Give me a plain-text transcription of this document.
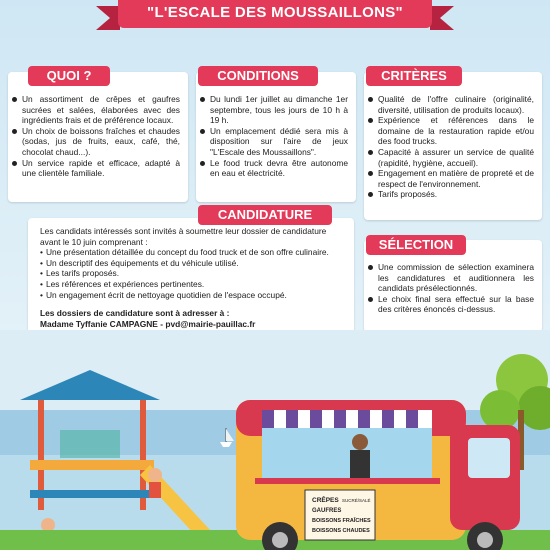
"L'ESCALE DES MOUSSAILLONS"
Un assortiment de crêpes et gaufres sucrées et salées, élaborées avec des ingrédients frais et de préférence locaux.
Un choix de boissons fraîches et chaudes (sodas, jus de fruits, eaux, café, thé, chocolat chaud...).
Un service rapide et efficace, adapté à une clientèle familiale.
QUOI ?
Du lundi 1er juillet au dimanche 1er septembre, tous les jours de 10 h à 19 h.
Un emplacement dédié sera mis à disposition sur l'aire de jeux "L'Escale des Moussaillons".
Le food truck devra être autonome en eau et électricité.
CONDITIONS
Qualité de l'offre culinaire (originalité, diversité, utilisation de produits locaux).
Expérience et références dans le domaine de la restauration rapide et/ou des food trucks.
Capacité à assurer un service de qualité (rapidité, hygiène, accueil).
Engagement en matière de propreté et de respect de l'environnement.
Tarifs proposés.
CRITÈRES

Les candidats intéressés sont invités à soumettre leur dossier de candidature avant le 10 juin comprenant :

• Une présentation détaillée du concept du food truck et de son offre culinaire.
• Un descriptif des équipements et du véhicule utilisé.
• Les tarifs proposés.
• Les références et expériences pertinentes.
• Un engagement écrit de nettoyage quotidien de l'espace occupé.

Les dossiers de candidature sont à adresser à :

Madame Tyffanie CAMPAGNE - pvd@mairie-pauillac.fr

CANDIDATURE
Une commission de sélection examinera les candidatures et auditionnera les candidats présélectionnés.
Le choix final sera effectué sur la base des critères énoncés ci-dessus.
SÉLECTION
CRÊPES SUCRÉ/SALÉ
GAUFRES
BOISSONS FRAÎCHES
BOISSONS CHAUDES
